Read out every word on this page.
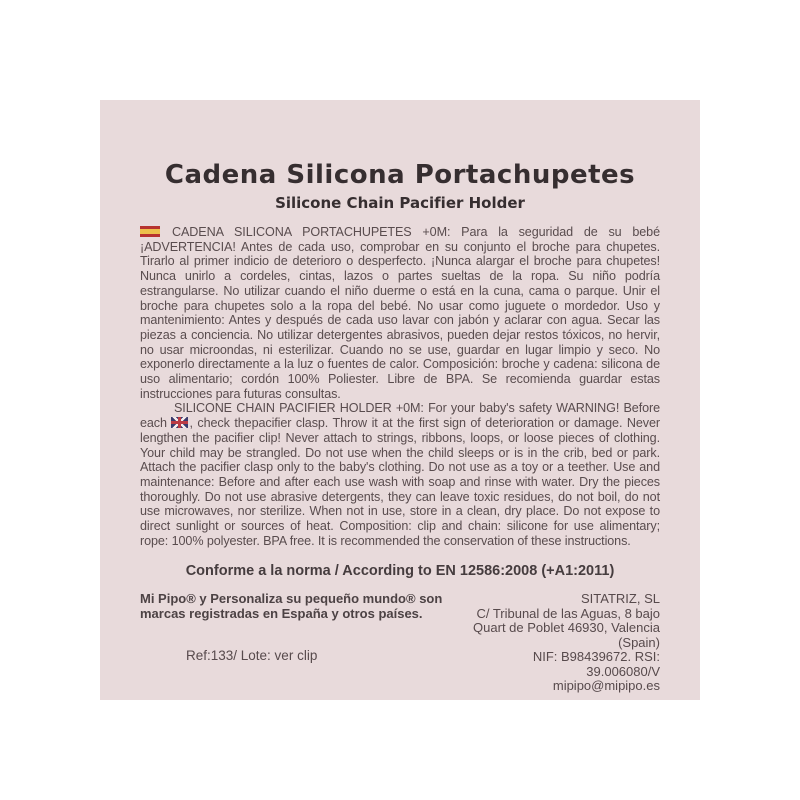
Cadena Silicona Portachupetes
Silicone Chain Pacifier Holder

CADENA SILICONA PORTACHUPETES +0M: Para la seguridad de su bebé ¡ADVERTENCIA! Antes de cada uso, comprobar en su conjunto el broche para chupetes. Tirarlo al primer indicio de deterioro o desperfecto. ¡Nunca alargar el broche para chupetes! Nunca unirlo a cordeles, cintas, lazos o partes sueltas de la ropa. Su niño podría estrangularse. No utilizar cuando el niño duerme o está en la cuna, cama o parque. Unir el broche para chupetes solo a la ropa del bebé. No usar como juguete o mordedor. Uso y mantenimiento: Antes y después de cada uso lavar con jabón y aclarar con agua. Secar las piezas a conciencia. No utilizar detergentes abrasivos, pueden dejar restos tóxicos, no hervir, no usar microondas, ni esterilizar. Cuando no se use, guardar en lugar limpio y seco. No exponerlo directamente a la luz o fuentes de calor. Composición: broche y cadena: silicona de uso alimentario; cordón 100% Poliester. Libre de BPA. Se recomienda guardar estas instrucciones para futuras consultas.

SILICONE CHAIN PACIFIER HOLDER +0M: For your baby's safety WARNING! Before each , check thepacifier clasp. Throw it at the first sign of deterioration or damage. Never lengthen the pacifier clip! Never attach to strings, ribbons, loops, or loose pieces of clothing. Your child may be strangled. Do not use when the child sleeps or is in the crib, bed or park. Attach the pacifier clasp only to the baby's clothing. Do not use as a toy or a teether. Use and maintenance: Before and after each use wash with soap and rinse with water. Dry the pieces thoroughly. Do not use abrasive detergents, they can leave toxic residues, do not boil, do not use microwaves, nor sterilize. When not in use, store in a clean, dry place. Do not expose to direct sunlight or sources of heat. Composition: clip and chain: silicone for use alimentary; rope: 100% polyester. BPA free. It is recommended the conservation of these instructions.

Conforme a la norma / According to EN 12586:2008 (+A1:2011)
Mi Pipo® y Personaliza su pequeño mundo® son marcas registradas en España y otros países.
Ref:133/ Lote: ver clip
SITATRIZ, SL
C/ Tribunal de las Aguas, 8 bajo
Quart de Poblet 46930, Valencia (Spain)
NIF: B98439672. RSI: 39.006080/V
mipipo@mipipo.es
